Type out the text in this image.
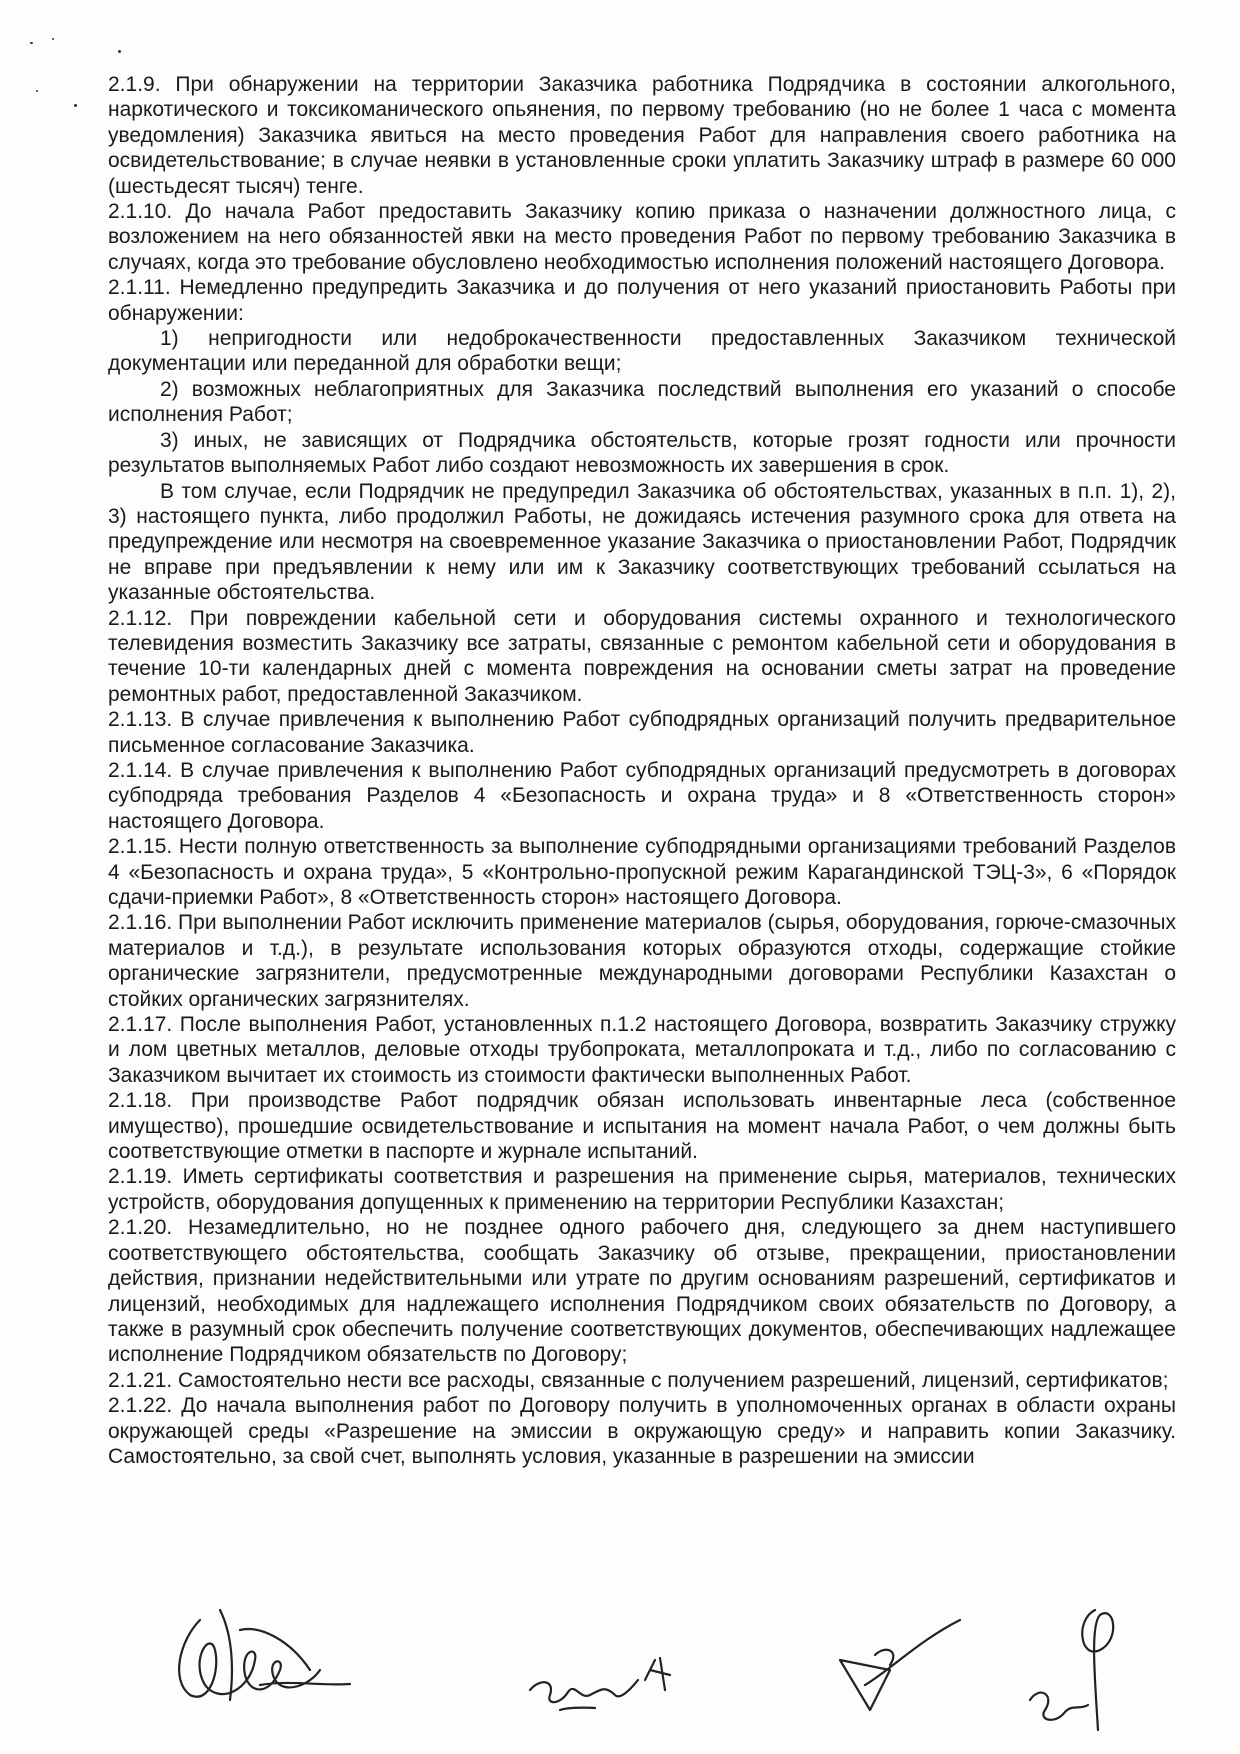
2.1.9. При обнаружении на территории Заказчика работника Подрядчика в состоянии алкогольного, наркотического и токсикоманического опьянения, по первому требованию (но не более 1 часа с момента уведомления) Заказчика явиться на место проведения Работ для направления своего работника на освидетельствование; в случае неявки в установленные сроки уплатить Заказчику штраф в размере 60 000 (шестьдесят тысяч) тенге.

2.1.10. До начала Работ предоставить Заказчику копию приказа о назначении должностного лица, с возложением на него обязанностей явки на место проведения Работ по первому требованию Заказчика в случаях, когда это требование обусловлено необходимостью исполнения положений настоящего Договора.

2.1.11. Немедленно предупредить Заказчика и до получения от него указаний приостановить Работы при обнаружении:

1) непригодности или недоброкачественности предоставленных Заказчиком технической документации или переданной для обработки вещи;

2) возможных неблагоприятных для Заказчика последствий выполнения его указаний о способе исполнения Работ;

3) иных, не зависящих от Подрядчика обстоятельств, которые грозят годности или прочности результатов выполняемых Работ либо создают невозможность их завершения в срок.

В том случае, если Подрядчик не предупредил Заказчика об обстоятельствах, указанных в п.п. 1), 2), 3) настоящего пункта, либо продолжил Работы, не дожидаясь истечения разумного срока для ответа на предупреждение или несмотря на своевременное указание Заказчика о приостановлении Работ, Подрядчик не вправе при предъявлении к нему или им к Заказчику соответствующих требований ссылаться на указанные обстоятельства.

2.1.12. При повреждении кабельной сети и оборудования системы охранного и технологического телевидения возместить Заказчику все затраты, связанные с ремонтом кабельной сети и оборудования в течение 10-ти календарных дней с момента повреждения на основании сметы затрат на проведение ремонтных работ, предоставленной Заказчиком.

2.1.13. В случае привлечения к выполнению Работ субподрядных организаций получить предварительное письменное согласование Заказчика.

2.1.14. В случае привлечения к выполнению Работ субподрядных организаций предусмотреть в договорах субподряда требования Разделов 4 «Безопасность и охрана труда» и 8 «Ответственность сторон» настоящего Договора.

2.1.15. Нести полную ответственность за выполнение субподрядными организациями требований Разделов 4 «Безопасность и охрана труда», 5 «Контрольно-пропускной режим Карагандинской ТЭЦ-3», 6 «Порядок сдачи-приемки Работ», 8 «Ответственность сторон» настоящего Договора.

2.1.16. При выполнении Работ исключить применение материалов (сырья, оборудования, горюче-смазочных материалов и т.д.), в результате использования которых образуются отходы, содержащие стойкие органические загрязнители, предусмотренные международными договорами Республики Казахстан о стойких органических загрязнителях.

2.1.17. После выполнения Работ, установленных п.1.2 настоящего Договора, возвратить Заказчику стружку и лом цветных металлов, деловые отходы трубопроката, металлопроката и т.д., либо по согласованию с Заказчиком вычитает их стоимость из стоимости фактически выполненных Работ.

2.1.18. При производстве Работ подрядчик обязан использовать инвентарные леса (собственное имущество), прошедшие освидетельствование и испытания на момент начала Работ, о чем должны быть соответствующие отметки в паспорте и журнале испытаний.

2.1.19. Иметь сертификаты соответствия и разрешения на применение сырья, материалов, технических устройств, оборудования допущенных к применению на территории Республики Казахстан;

2.1.20. Незамедлительно, но не позднее одного рабочего дня, следующего за днем наступившего соответствующего обстоятельства, сообщать Заказчику об отзыве, прекращении, приостановлении действия, признании недействительными или утрате по другим основаниям разрешений, сертификатов и лицензий, необходимых для надлежащего исполнения Подрядчиком своих обязательств по Договору, а также в разумный срок обеспечить получение соответствующих документов, обеспечивающих надлежащее исполнение Подрядчиком обязательств по Договору;

2.1.21. Самостоятельно нести все расходы, связанные с получением разрешений, лицензий, сертификатов;

2.1.22. До начала выполнения работ по Договору получить в уполномоченных органах в области охраны окружающей среды «Разрешение на эмиссии в окружающую среду» и направить копии Заказчику. Самостоятельно, за свой счет, выполнять условия, указанные в разрешении на эмиссии
